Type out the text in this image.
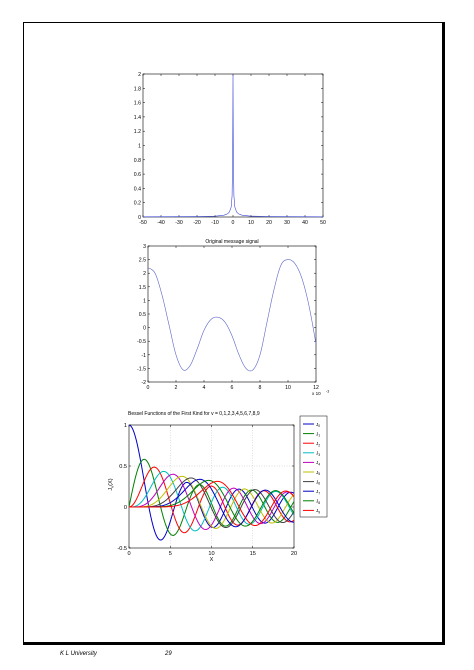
-50 -40 -30 -20 -10 0	10 20 30 40 50
0
0.2
0.4
0.6
0.8
1
1.2
1.4
1.6
1.8
2
0	2	4	6	8	10	12
-2
-1.5
-1
-0.5
0
0.5
1
1.5
2
2.5
3
Original message signal
x 10 -3
0	5	10	15	20
-0.5
0
0.5
1
Bessel Functions of the First Kind for v = 0,1,2,3,4,5,6,7,8,9
X
$J_v(X)$
$J_0$
$J_1$
$J_2$
$J_3$
$J_4$
$J_5$
$J_6$
$J_7$
$J_8$
$J_9$
K L University	29
